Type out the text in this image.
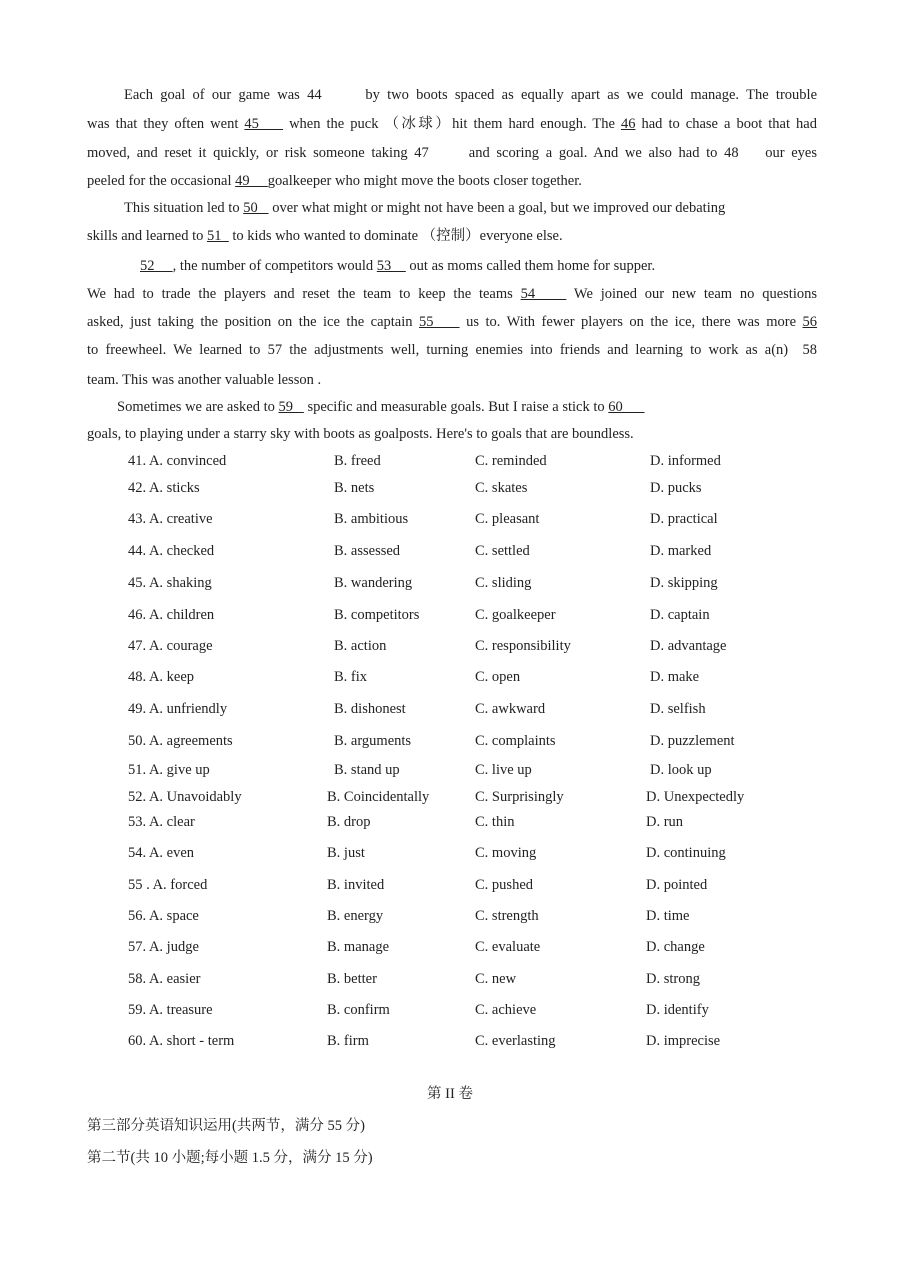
Each goal of our game was 44      by two boots spaced as equally apart as we could manage. The trouble
was that they often went 45     when the puck （冰球）hit them hard enough. The 46 had to chase a boot that had
moved, and reset it quickly, or risk someone taking 47      and scoring a goal. And we also had to 48    our eyes
peeled for the occasional 49     goalkeeper who might move the boots closer together.
This situation led to 50    over what might or might not have been a goal, but we improved our debating
skills and learned to 51   to kids who wanted to dominate （控制）everyone else.
52     , the number of competitors would 53     out as moms called them home for supper.
We had to trade the players and reset the team to keep the teams 54     We joined our new team no questions
asked, just taking the position on the ice the captain 55     us to. With fewer players on the ice, there was more 56
to freewheel. We learned to 57 the adjustments well, turning enemies into friends and learning to work as a(n)  58
team. This was another valuable lesson .
Sometimes we are asked to 59    specific and measurable goals. But I raise a stick to 60
goals, to playing under a starry sky with boots as goalposts. Here's to goals that are boundless.
41. A. convinced	B. freed	C. reminded	D. informed
42. A. sticks	B. nets	C. skates	D. pucks
43. A. creative	B. ambitious	C. pleasant	D. practical
44. A. checked	B. assessed	C. settled	D. marked
45. A. shaking	B. wandering	C. sliding	D. skipping
46. A. children	B. competitors	C. goalkeeper	D. captain
47. A. courage	B. action	C. responsibility	D. advantage
48. A. keep	B. fix	C. open	D. make
49. A. unfriendly	B. dishonest	C. awkward	D. selfish
50. A. agreements	B. arguments	C. complaints	D. puzzlement
51. A. give up	B. stand up	C. live up	D. look up
52. A. Unavoidably	B. Coincidentally	C. Surprisingly	D. Unexpectedly
53. A. clear	B. drop	C. thin	D. run
54. A. even	B. just	C. moving	D. continuing
55 . A. forced	B. invited	C. pushed	D. pointed
56. A. space	B. energy	C. strength	D. time
57. A. judge	B. manage	C. evaluate	D. change
58. A. easier	B. better	C. new	D. strong
59. A. treasure	B. confirm	C. achieve	D. identify
60. A. short - term	B. firm	C. everlasting	D. imprecise
第 II 卷
第三部分英语知识运用(共两节，满分 55 分)
第二节(共 10 小题;每小题 1.5 分，满分 15 分)
